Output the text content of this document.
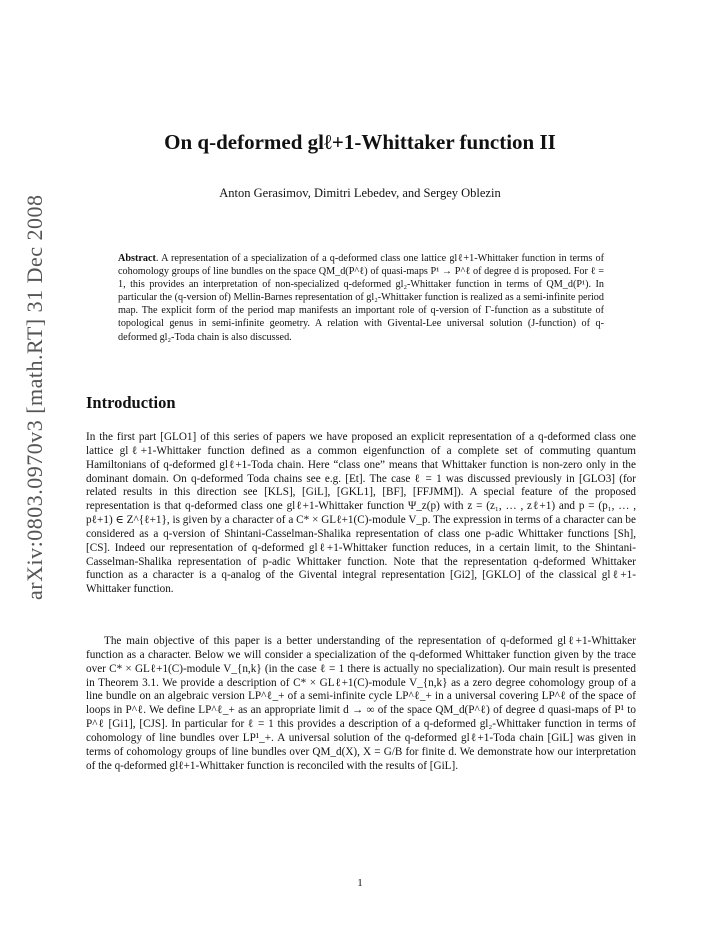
arXiv:0803.0970v3 [math.RT] 31 Dec 2008
On q-deformed glℓ+1-Whittaker function II
Anton Gerasimov, Dimitri Lebedev, and Sergey Oblezin
Abstract. A representation of a specialization of a q-deformed class one lattice glℓ+1-Whittaker function in terms of cohomology groups of line bundles on the space QM_d(P^ℓ) of quasi-maps P¹ → P^ℓ of degree d is proposed. For ℓ = 1, this provides an interpretation of non-specialized q-deformed gl₂-Whittaker function in terms of QM_d(P¹). In particular the (q-version of) Mellin-Barnes representation of gl₂-Whittaker function is realized as a semi-infinite period map. The explicit form of the period map manifests an important role of q-version of Γ-function as a substitute of topological genus in semi-infinite geometry. A relation with Givental-Lee universal solution (J-function) of q-deformed gl₂-Toda chain is also discussed.
Introduction
In the first part [GLO1] of this series of papers we have proposed an explicit representation of a q-deformed class one lattice glℓ+1-Whittaker function defined as a common eigenfunction of a complete set of commuting quantum Hamiltonians of q-deformed glℓ+1-Toda chain. Here “class one” means that Whittaker function is non-zero only in the dominant domain. On q-deformed Toda chains see e.g. [Et]. The case ℓ = 1 was discussed previously in [GLO3] (for related results in this direction see [KLS], [GiL], [GKL1], [BF], [FFJMM]). A special feature of the proposed representation is that q-deformed class one glℓ+1-Whittaker function Ψ_z(p) with z = (z₁, … , zℓ+1) and p = (p₁, … , pℓ+1) ∈ Z^{ℓ+1}, is given by a character of a C* × GLℓ+1(C)-module V_p. The expression in terms of a character can be considered as a q-version of Shintani-Casselman-Shalika representation of class one p-adic Whittaker functions [Sh], [CS]. Indeed our representation of q-deformed glℓ+1-Whittaker function reduces, in a certain limit, to the Shintani-Casselman-Shalika representation of p-adic Whittaker function. Note that the representation q-deformed Whittaker function as a character is a q-analog of the Givental integral representation [Gi2], [GKLO] of the classical glℓ+1-Whittaker function.
The main objective of this paper is a better understanding of the representation of q-deformed glℓ+1-Whittaker function as a character. Below we will consider a specialization of the q-deformed Whittaker function given by the trace over C* × GLℓ+1(C)-module V_{n,k} (in the case ℓ = 1 there is actually no specialization). Our main result is presented in Theorem 3.1. We provide a description of C* × GLℓ+1(C)-module V_{n,k} as a zero degree cohomology group of a line bundle on an algebraic version LP^ℓ_+ of a semi-infinite cycle LP^ℓ_+ in a universal covering LP^ℓ of the space of loops in P^ℓ. We define LP^ℓ_+ as an appropriate limit d → ∞ of the space QM_d(P^ℓ) of degree d quasi-maps of P¹ to P^ℓ [Gi1], [CJS]. In particular for ℓ = 1 this provides a description of a q-deformed gl₂-Whittaker function in terms of cohomology of line bundles over LP¹_+. A universal solution of the q-deformed glℓ+1-Toda chain [GiL] was given in terms of cohomology groups of line bundles over QM_d(X), X = G/B for finite d. We demonstrate how our interpretation of the q-deformed glℓ+1-Whittaker function is reconciled with the results of [GiL].
1
